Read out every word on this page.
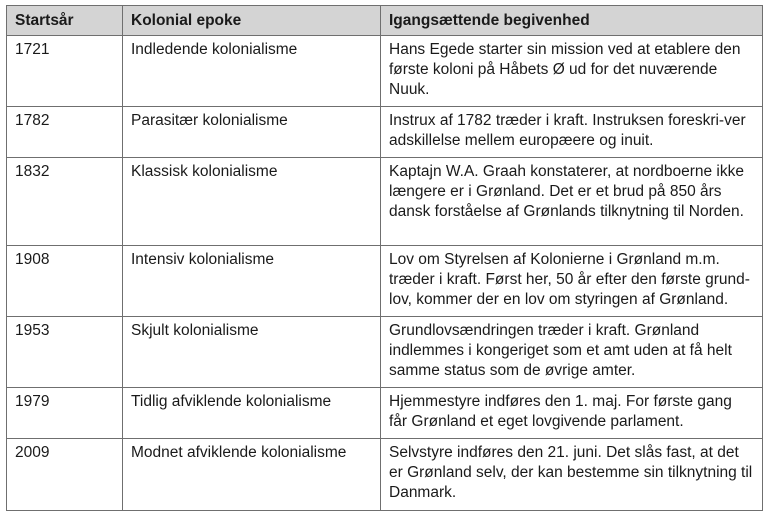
Startsår	Kolonial epoke	Igangsættende begivenhed
1721	Indledende kolonialisme	Hans Egede starter sin mission ved at etablere den første koloni på Håbets Ø ud for det nuværende Nuuk.
1782	Parasitær kolonialisme	Instrux af 1782 træder i kraft. Instruksen foreskri-ver adskillelse mellem europæere og inuit.
1832	Klassisk kolonialisme	Kaptajn W.A. Graah konstaterer, at nordboerne ikke længere er i Grønland. Det er et brud på 850 års dansk forståelse af Grønlands tilknytning til Norden.
1908	Intensiv kolonialisme	Lov om Styrelsen af Kolonierne i Grønland m.m. træder i kraft. Først her, 50 år efter den første grund-lov, kommer der en lov om styringen af Grønland.
1953	Skjult kolonialisme	Grundlovsændringen træder i kraft. Grønland indlemmes i kongeriget som et amt uden at få helt samme status som de øvrige amter.
1979	Tidlig afviklende kolonialisme	Hjemmestyre indføres den 1. maj. For første gang får Grønland et eget lovgivende parlament.
2009	Modnet afviklende kolonialisme	Selvstyre indføres den 21. juni. Det slås fast, at det er Grønland selv, der kan bestemme sin tilknytning til Danmark.
